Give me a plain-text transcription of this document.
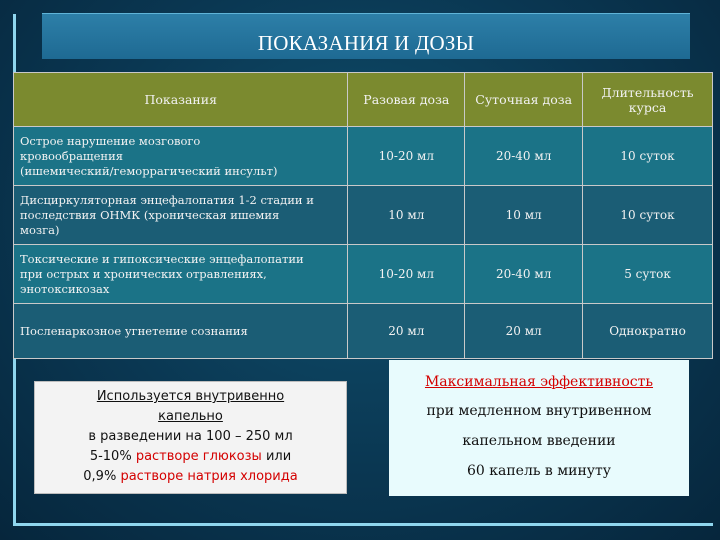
ПОКАЗАНИЯ И ДОЗЫ
Показания	Разовая доза	Суточная доза	Длительность курса

Острое нарушение мозгового
кровообращения
(ишемический/геморрагический инсульт)	10-20 мл	20-40 мл	10 суток

Дисциркуляторная энцефалопатия 1-2 стадии и
последствия ОНМК (хроническая ишемия
мозга)	10 мл	10 мл	10 суток

Токсические и гипоксические энцефалопатии
при острых и хронических отравлениях,
энотоксикозах	10-20 мл	20-40 мл	5 суток

Посленаркозное угнетение сознания	20 мл	20 мл	Однократно
Используется внутривенно
капельно
в разведении на 100 – 250 мл
5-10% растворе глюкозы или
0,9% растворе натрия хлорида
Максимальная эффективность
при медленном внутривенном
капельном введении
60 капель в минуту
